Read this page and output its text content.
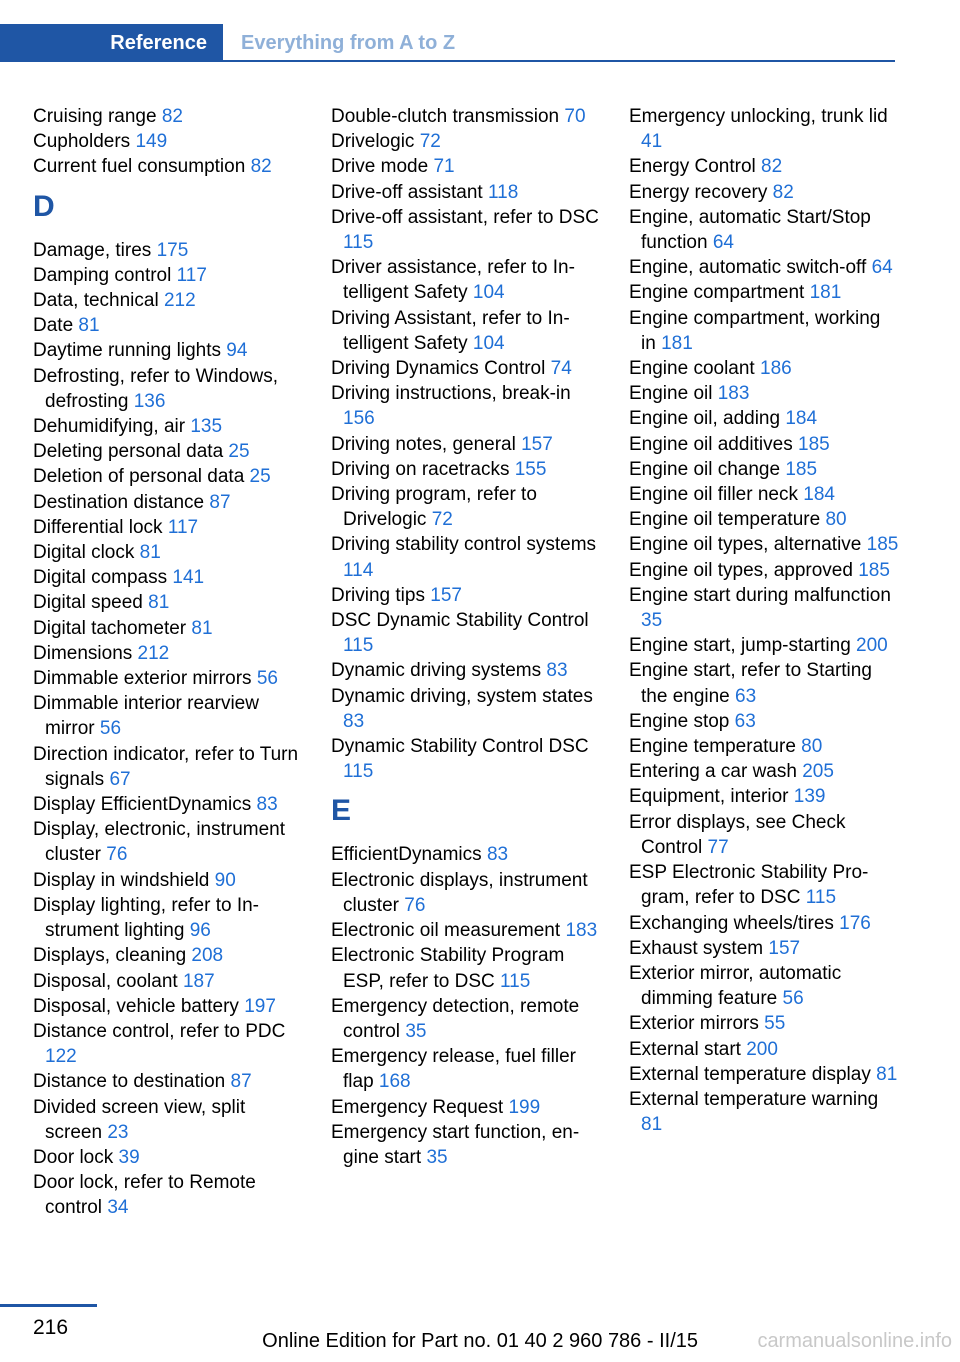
Reference	Everything from A to Z
Cruising range 82
Cupholders 149
Current fuel consumption 82
D
Damage, tires 175
Damping control 117
Data, technical 212
Date 81
Daytime running lights 94
Defrosting, refer to Windows, defrosting 136
Dehumidifying, air 135
Deleting personal data 25
Deletion of personal data 25
Destination distance 87
Differential lock 117
Digital clock 81
Digital compass 141
Digital speed 81
Digital tachometer 81
Dimensions 212
Dimmable exterior mirrors 56
Dimmable interior rearview mirror 56
Direction indicator, refer to Turn signals 67
Display EfficientDynamics 83
Display, electronic, instrument cluster 76
Display in windshield 90
Display lighting, refer to Instrument lighting 96
Displays, cleaning 208
Disposal, coolant 187
Disposal, vehicle battery 197
Distance control, refer to PDC 122
Distance to destination 87
Divided screen view, split screen 23
Door lock 39
Door lock, refer to Remote control 34
Double-clutch transmission 70
Drivelogic 72
Drive mode 71
Drive-off assistant 118
Drive-off assistant, refer to DSC 115
Driver assistance, refer to Intelligent Safety 104
Driving Assistant, refer to Intelligent Safety 104
Driving Dynamics Control 74
Driving instructions, break-in 156
Driving notes, general 157
Driving on racetracks 155
Driving program, refer to Drivelogic 72
Driving stability control systems 114
Driving tips 157
DSC Dynamic Stability Control 115
Dynamic driving systems 83
Dynamic driving, system states 83
Dynamic Stability Control DSC 115
E
EfficientDynamics 83
Electronic displays, instrument cluster 76
Electronic oil measurement 183
Electronic Stability Program ESP, refer to DSC 115
Emergency detection, remote control 35
Emergency release, fuel filler flap 168
Emergency Request 199
Emergency start function, engine start 35
Emergency unlocking, trunk lid 41
Energy Control 82
Energy recovery 82
Engine, automatic Start/Stop function 64
Engine, automatic switch-off 64
Engine compartment 181
Engine compartment, working in 181
Engine coolant 186
Engine oil 183
Engine oil, adding 184
Engine oil additives 185
Engine oil change 185
Engine oil filler neck 184
Engine oil temperature 80
Engine oil types, alternative 185
Engine oil types, approved 185
Engine start during malfunction 35
Engine start, jump-starting 200
Engine start, refer to Starting the engine 63
Engine stop 63
Engine temperature 80
Entering a car wash 205
Equipment, interior 139
Error displays, see Check Control 77
ESP Electronic Stability Program, refer to DSC 115
Exchanging wheels/tires 176
Exhaust system 157
Exterior mirror, automatic dimming feature 56
Exterior mirrors 55
External start 200
External temperature display 81
External temperature warning 81
216
Online Edition for Part no. 01 40 2 960 786 - II/15	carmanualsonline.info
